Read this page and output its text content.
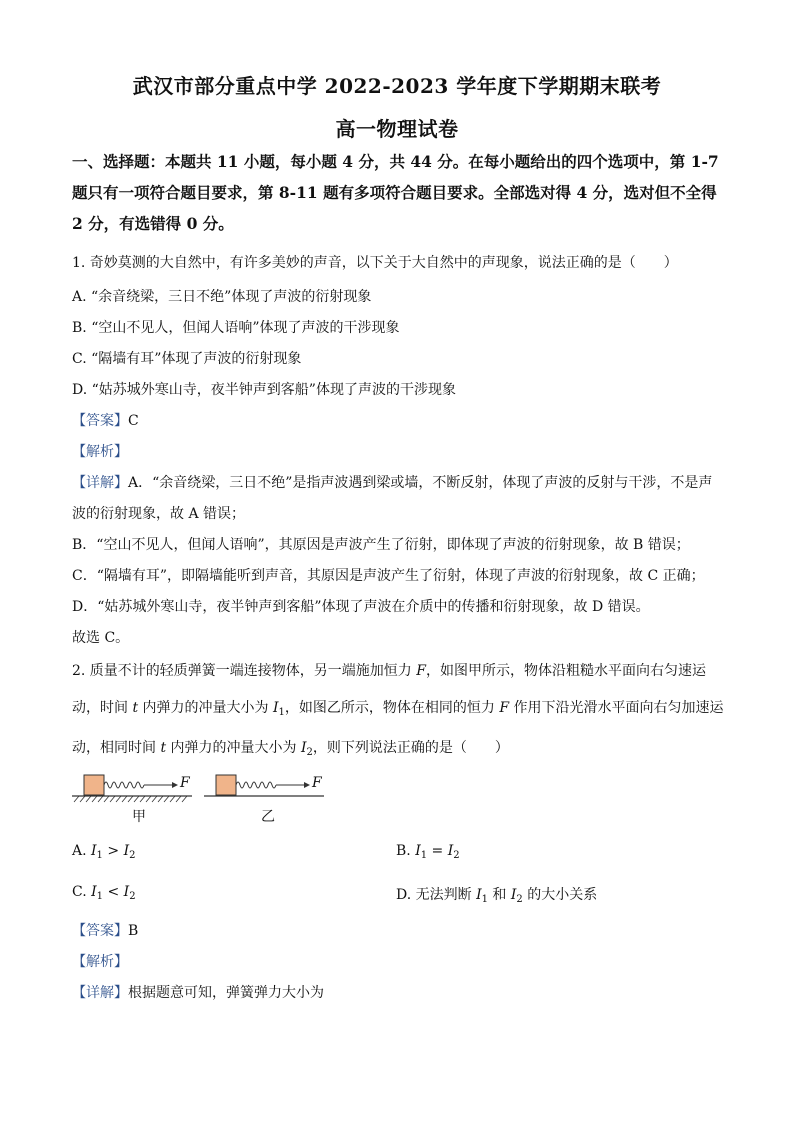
武汉市部分重点中学 2022-2023 学年度下学期期末联考
高一物理试卷
一、选择题：本题共 11 小题，每小题 4 分，共 44 分。在每小题给出的四个选项中，第 1-7
题只有一项符合题目要求，第 8-11 题有多项符合题目要求。全部选对得 4 分，选对但不全得
2 分，有选错得 0 分。
1. 奇妙莫测的大自然中，有许多美妙的声音，以下关于大自然中的声现象，说法正确的是（　　）
A. “余音绕梁，三日不绝”体现了声波的衍射现象
B. “空山不见人，但闻人语响”体现了声波的干涉现象
C. “隔墙有耳”体现了声波的衍射现象
D. “姑苏城外寒山寺，夜半钟声到客船”体现了声波的干涉现象
【答案】C
【解析】
【详解】A．“余音绕梁，三日不绝”是指声波遇到梁或墙，不断反射，体现了声波的反射与干涉，不是声
波的衍射现象，故 A 错误；
B．“空山不见人，但闻人语响”，其原因是声波产生了衍射，即体现了声波的衍射现象，故 B 错误；
C．“隔墙有耳”，即隔墙能听到声音，其原因是声波产生了衍射，体现了声波的衍射现象，故 C 正确；
D．“姑苏城外寒山寺，夜半钟声到客船”体现了声波在介质中的传播和衍射现象，故 D 错误。
故选 C。
2. 质量不计的轻质弹簧一端连接物体，另一端施加恒力 F，如图甲所示，物体沿粗糙水平面向右匀速运
动，时间 t 内弹力的冲量大小为 $I_1$，如图乙所示，物体在相同的恒力 F 作用下沿光滑水平面向右匀加速运
动，相同时间 t 内弹力的冲量大小为 $I_2$，则下列说法正确的是（　　）
F	F
甲	乙
A. $I_1 > I_2$	B. $I_1 = I_2$
C. $I_1 < I_2$	D. 无法判断 $I_1$ 和 $I_2$ 的大小关系
【答案】B
【解析】
【详解】根据题意可知，弹簧弹力大小为
